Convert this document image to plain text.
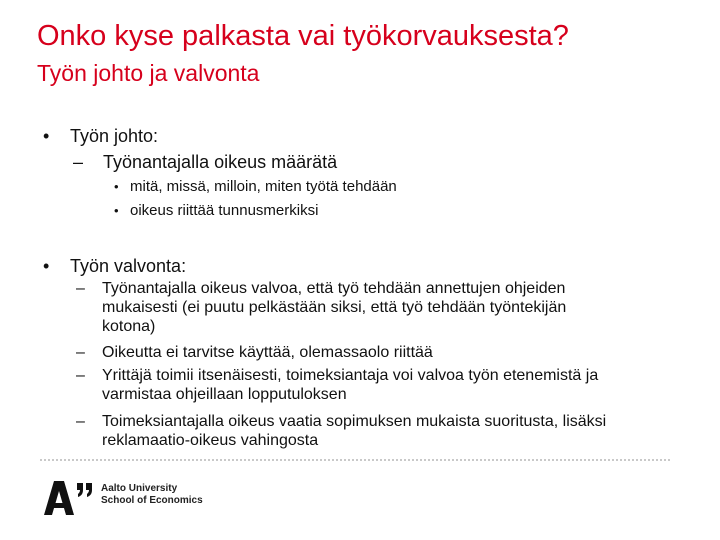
Onko kyse palkasta vai työkorvauksesta?
Työn johto ja valvonta
• Työn johto:
– Työnantajalla oikeus määrätä
• mitä, missä, milloin, miten työtä tehdään
• oikeus riittää tunnusmerkiksi
• Työn valvonta:
– Työnantajalla oikeus valvoa, että työ tehdään annettujen ohjeiden
mukaisesti (ei puutu pelkästään siksi, että työ tehdään työntekijän
kotona)
– Oikeutta ei tarvitse käyttää, olemassaolo riittää
– Yrittäjä toimii itsenäisesti, toimeksiantaja voi valvoa työn etenemistä ja
varmistaa ohjeillaan lopputuloksen
– Toimeksiantajalla oikeus vaatia sopimuksen mukaista suoritusta, lisäksi
reklamaatio-oikeus vahingosta
Aalto University
School of Economics
